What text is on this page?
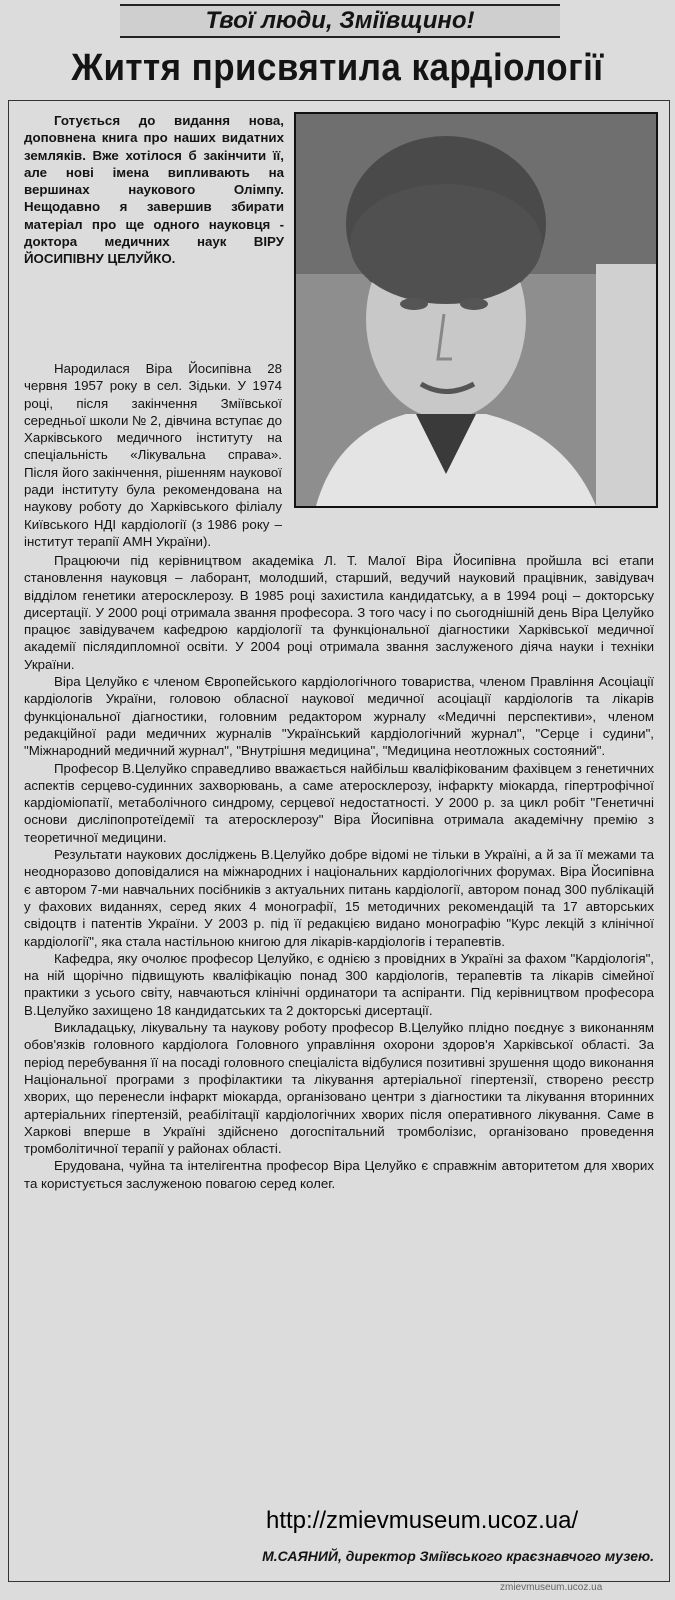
Твої люди, Зміївщино!
Життя присвятила кардіології

Готується до видання нова, доповнена книга про наших видатних земляків. Вже хотілося б закінчити її, але нові імена випливають на вершинах наукового Олімпу. Нещодавно я завершив збирати матеріал про ще одного науковця - доктора медичних наук ВІРУ ЙОСИПІВНУ ЦЕЛУЙКО.

Народилася Віра Йосипівна 28 червня 1957 року в сел. Зідьки. У 1974 році, після закінчення Зміївської середньої школи № 2, дівчина вступає до Харківського медичного інституту на спеціальність «Лікувальна справа». Після його закінчення, рішенням наукової ради інституту була рекомендована на наукову роботу до Харківського філіалу Київського НДІ кардіології (з 1986 року – інститут терапії АМН України).

Працюючи під керівництвом академіка Л. Т. Малої Віра Йосипівна пройшла всі етапи становлення науковця – лаборант, молодший, старший, ведучий науковий працівник, завідувач відділом генетики атеросклерозу. В 1985 році захистила кандидатську, а в 1994 році – докторську дисертації. У 2000 році отримала звання професора. З того часу і по сьогоднішній день Віра Целуйко працює завідувачем кафедрою кардіології та функціональної діагностики Харківської медичної академії післядипломної освіти. У 2004 році отримала звання заслуженого діяча науки і техніки України.

Віра Целуйко є членом Європейського кардіологічного товариства, членом Правління Асоціації кардіологів України, головою обласної наукової медичної асоціації кардіологів та лікарів функціональної діагностики, головним редактором журналу «Медичні перспективи», членом редакційної ради медичних журналів "Український кардіологічний журнал", "Серце і судини", "Міжнародний медичний журнал", "Внутрішня медицина", "Медицина неотложных состояний".

Професор В.Целуйко справедливо вважається найбільш кваліфікованим фахівцем з генетичних аспектів серцево-судинних захворювань, а саме атеросклерозу, інфаркту міокарда, гіпертрофічної кардіоміопатії, метаболічного синдрому, серцевої недостатності. У 2000 р. за цикл робіт "Генетичні основи дисліпопротеїдемії та атеросклерозу" Віра Йосипівна отримала академічну премію з теоретичної медицини.

Результати наукових досліджень В.Целуйко добре відомі не тільки в Україні, а й за її межами та неодноразово доповідалися на міжнародних і національних кардіологічних форумах. Віра Йосипівна є автором 7-ми навчальних посібників з актуальних питань кардіології, автором понад 300 публікацій у фахових виданнях, серед яких 4 монографії, 15 методичних рекомендацій та 17 авторських свідоцтв і патентів України. У 2003 р. під її редакцією видано монографію "Курс лекцій з клінічної кардіології", яка стала настільною книгою для лікарів-кардіологів і терапевтів.

Кафедра, яку очолює професор Целуйко, є однією з провідних в Україні за фахом "Кардіологія", на ній щорічно підвищують кваліфікацію понад 300 кардіологів, терапевтів та лікарів сімейної практики з усього світу, навчаються клінічні ординатори та аспіранти. Під керівництвом професора В.Целуйко захищено 18 кандидатських та 2 докторські дисертації.

Викладацьку, лікувальну та наукову роботу професор В.Целуйко плідно поєднує з виконанням обов'язків головного кардіолога Головного управління охорони здоров'я Харківської області. За період перебування її на посаді головного спеціаліста відбулися позитивні зрушення щодо виконання Національної програми з профілактики та лікування артеріальної гіпертензії, створено реєстр хворих, що перенесли інфаркт міокарда, організовано центри з діагностики та лікування вторинних артеріальних гіпертензій, реабілітації кардіологічних хворих після оперативного лікування. Саме в Харкові вперше в Україні здійснено догоспітальний тромболізис, організовано проведення тромболітичної терапії у районах області.

Ерудована, чуйна та інтелігентна професор Віра Целуйко є справжнім авторитетом для хворих та користується заслуженою повагою серед колег.

http://zmievmuseum.ucoz.ua/
М.САЯНИЙ, директор Зміївського краєзнавчого музею.
zmievmuseum.ucoz.ua
